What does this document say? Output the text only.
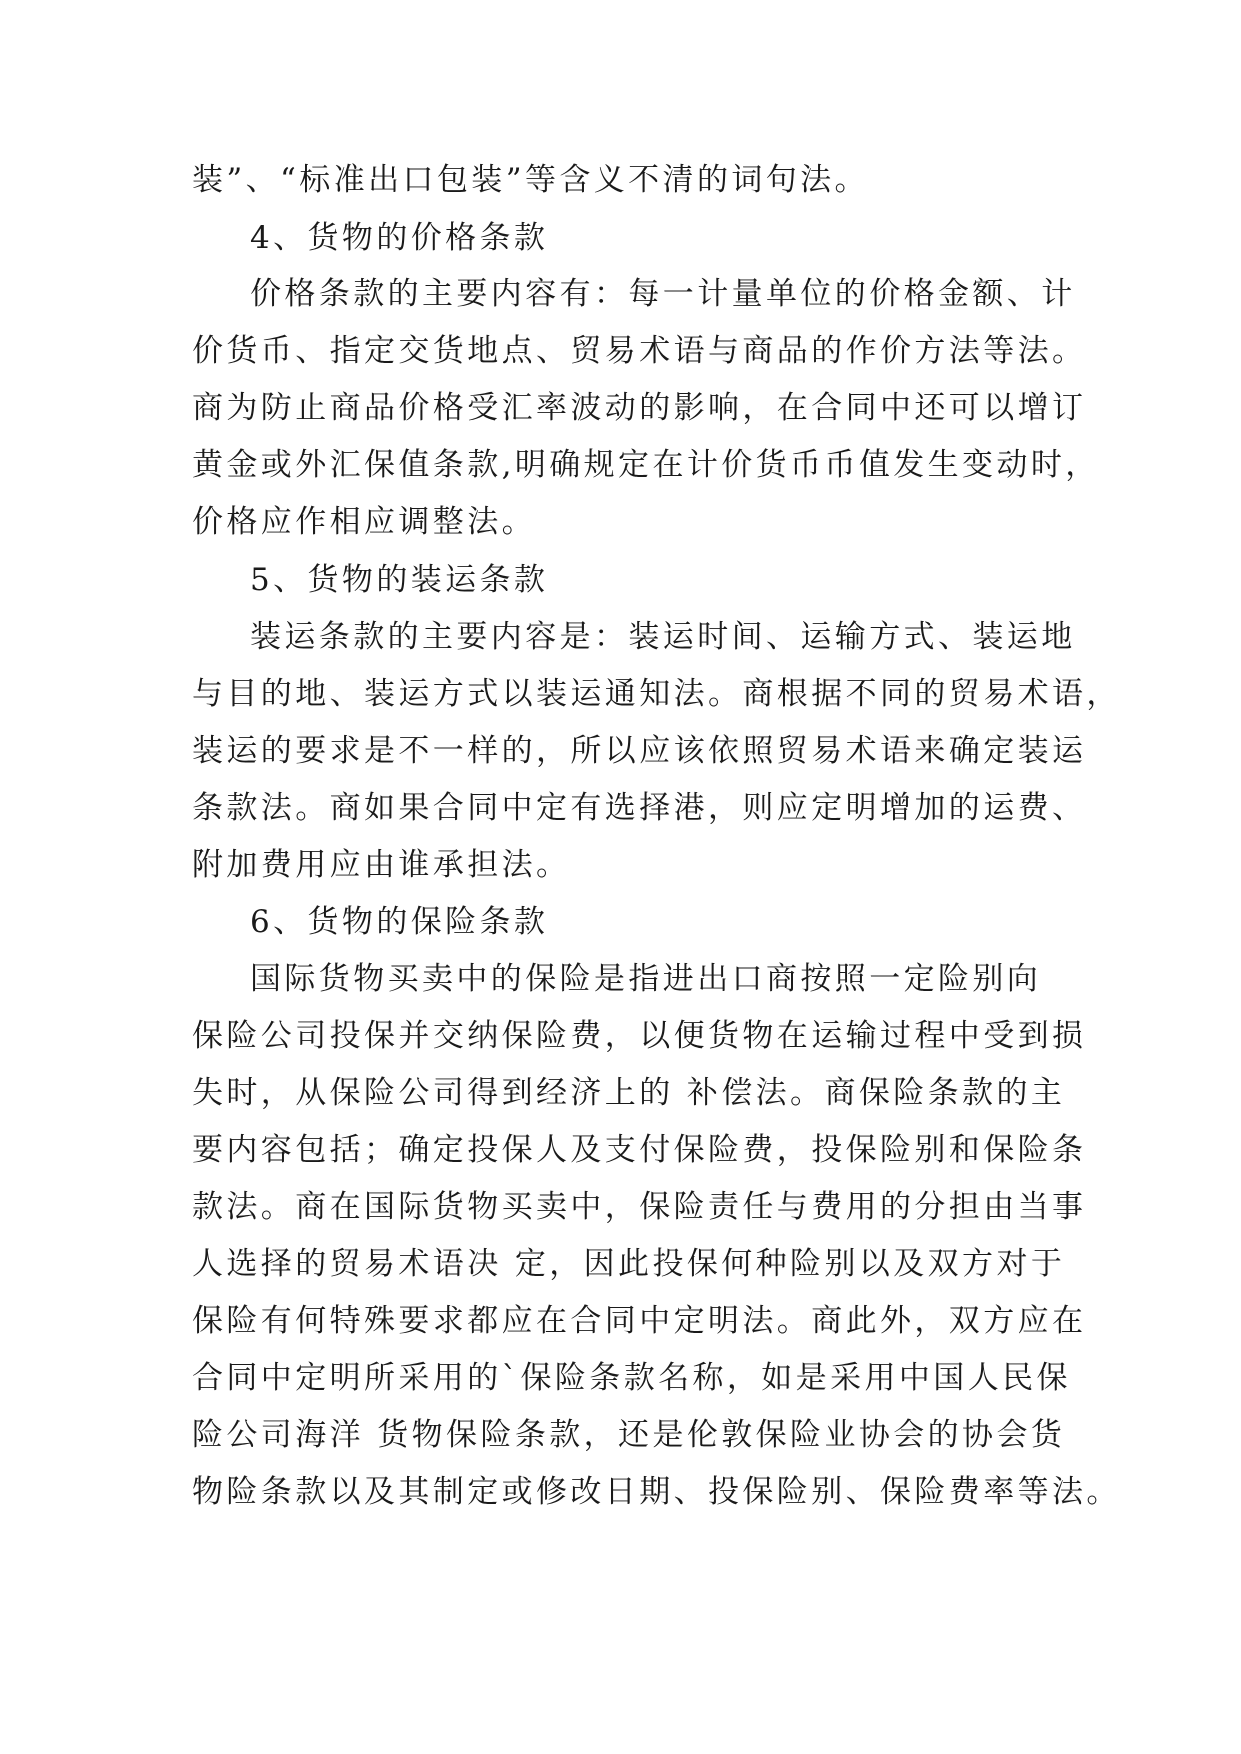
装”、“标准出口包装”等含义不清的词句法。
4、货物的价格条款
价格条款的主要内容有：每一计量单位的价格金额、计
价货币、指定交货地点、贸易术语与商品的作价方法等法。
商为防止商品价格受汇率波动的影响，在合同中还可以增订
黄金或外汇保值条款,明确规定在计价货币币值发生变动时，
价格应作相应调整法。
5、货物的装运条款
装运条款的主要内容是：装运时间、运输方式、装运地
与目的地、装运方式以装运通知法。商根据不同的贸易术语，
装运的要求是不一样的，所以应该依照贸易术语来确定装运
条款法。商如果合同中定有选择港，则应定明增加的运费、
附加费用应由谁承担法。
6、货物的保险条款
国际货物买卖中的保险是指进出口商按照一定险别向
保险公司投保并交纳保险费，以便货物在运输过程中受到损
失时，从保险公司得到经济上的 补偿法。商保险条款的主
要内容包括；确定投保人及支付保险费，投保险别和保险条
款法。商在国际货物买卖中，保险责任与费用的分担由当事
人选择的贸易术语决 定，因此投保何种险别以及双方对于
保险有何特殊要求都应在合同中定明法。商此外，双方应在
合同中定明所采用的`保险条款名称，如是采用中国人民保
险公司海洋 货物保险条款，还是伦敦保险业协会的协会货
物险条款以及其制定或修改日期、投保险别、保险费率等法。
